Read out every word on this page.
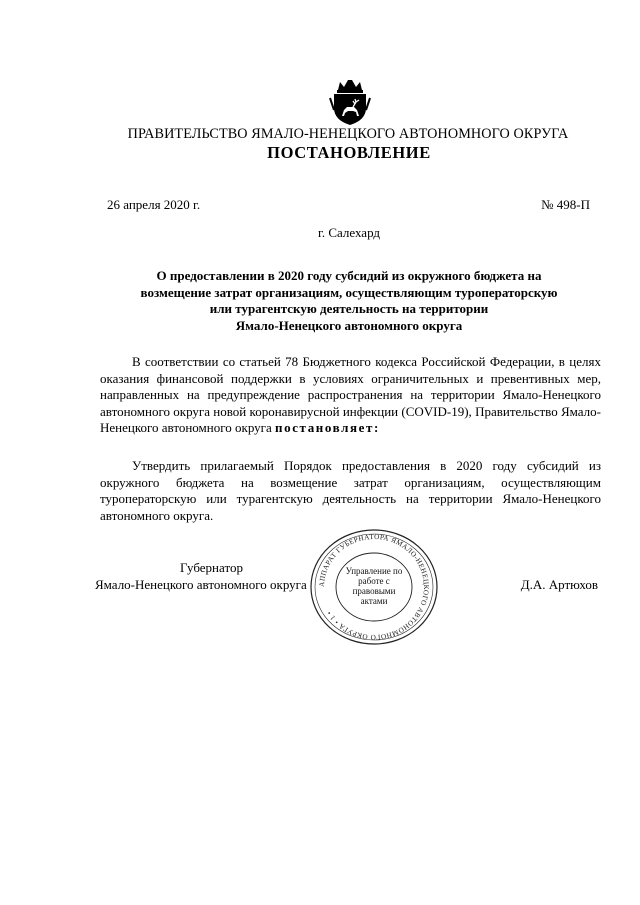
ПРАВИТЕЛЬСТВО ЯМАЛО-НЕНЕЦКОГО АВТОНОМНОГО ОКРУГА
ПОСТАНОВЛЕНИЕ
26 апреля 2020 г.	№ 498-П
г. Салехард
О предоставлении в 2020 году субсидий из окружного бюджета на
возмещение затрат организациям, осуществляющим туроператорскую
или турагентскую деятельность на территории
Ямало-Ненецкого автономного округа

В соответствии со статьей 78 Бюджетного кодекса Российской Федерации, в целях оказания финансовой поддержки в условиях ограничительных и превентивных мер, направленных на предупреждение распространения на территории Ямало-Ненецкого автономного округа новой коронавирусной инфекции (COVID-19), Правительство Ямало-Ненецкого автономного округа постановляет:

Утвердить прилагаемый Порядок предоставления в 2020 году субсидий из окружного бюджета на возмещение затрат организациям, осуществляющим туроператорскую или турагентскую деятельность на территории Ямало-Ненецкого автономного округа.

АППАРАТ ГУБЕРНАТОРА ЯМАЛО-НЕНЕЦКОГО АВТОНОМНОГО ОКРУГА • 1 •
Управление по работе с правовыми актами
Губернатор
Ямало-Ненецкого автономного округа	Д.А. Артюхов
